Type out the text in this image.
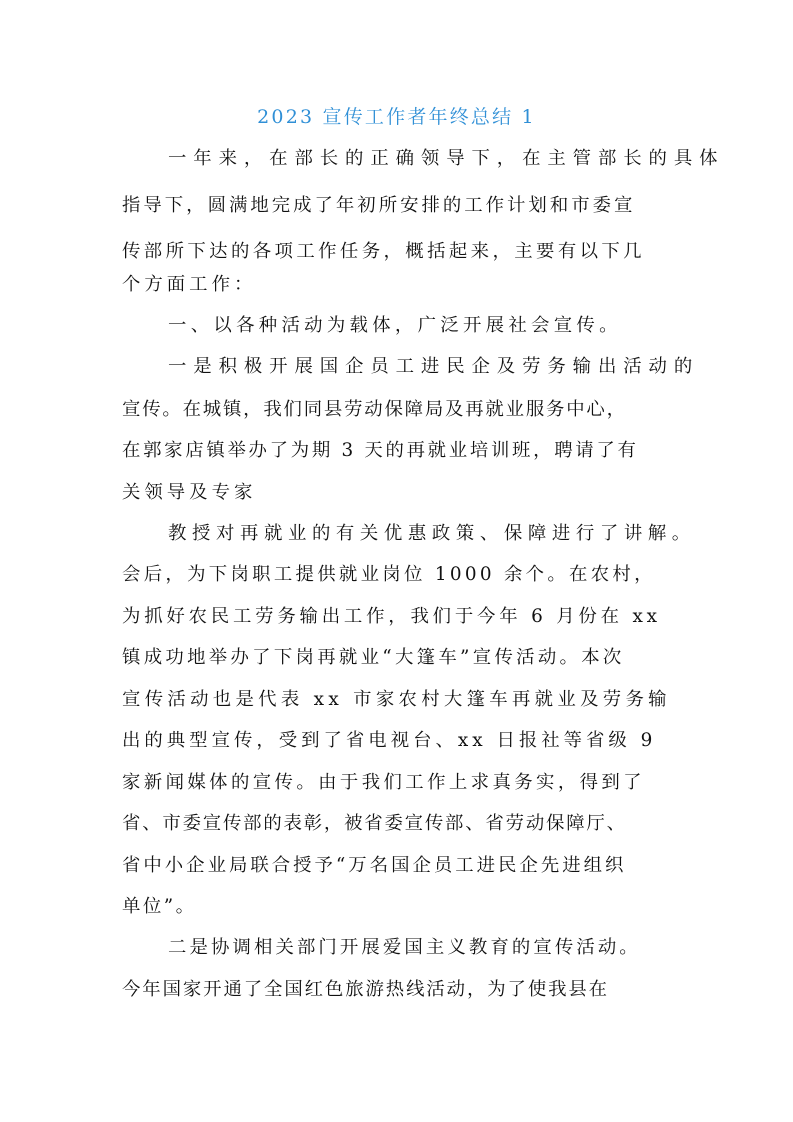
2023 宣传工作者年终总结 1
一年来，在部长的正确领导下，在主管部长的具体
指导下，圆满地完成了年初所安排的工作计划和市委宣
传部所下达的各项工作任务，概括起来，主要有以下几
个方面工作：
一、以各种活动为载体，广泛开展社会宣传。
一是积极开展国企员工进民企及劳务输出活动的
宣传。在城镇，我们同县劳动保障局及再就业服务中心，
在郭家店镇举办了为期 3 天的再就业培训班，聘请了有
关领导及专家
教授对再就业的有关优惠政策、保障进行了讲解。
会后，为下岗职工提供就业岗位 1000 余个。在农村，
为抓好农民工劳务输出工作，我们于今年 6 月份在 xx
镇成功地举办了下岗再就业“大篷车”宣传活动。本次
宣传活动也是代表 xx 市家农村大篷车再就业及劳务输
出的典型宣传，受到了省电视台、xx 日报社等省级 9
家新闻媒体的宣传。由于我们工作上求真务实，得到了
省、市委宣传部的表彰，被省委宣传部、省劳动保障厅、
省中小企业局联合授予“万名国企员工进民企先进组织
单位”。
二是协调相关部门开展爱国主义教育的宣传活动。
今年国家开通了全国红色旅游热线活动，为了使我县在
